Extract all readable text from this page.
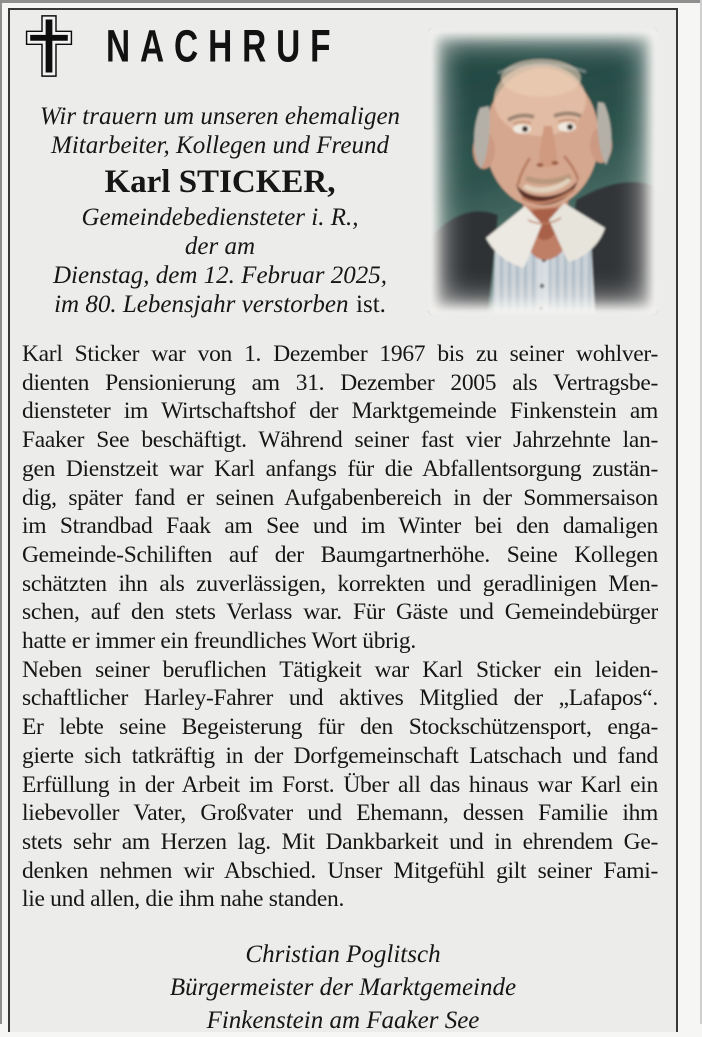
NACHRUF
Wir trauern um unseren ehemaligen
Mitarbeiter, Kollegen und Freund
Karl STICKER,
Gemeindebediensteter i. R.,
der am
Dienstag, dem 12. Februar 2025,
im 80. Lebensjahr verstorben ist.
Karl Sticker war von 1. Dezember 1967 bis zu seiner wohlver-
dienten Pensionierung am 31. Dezember 2005 als Vertragsbe-
diensteter im Wirtschaftshof der Marktgemeinde Finkenstein am
Faaker See beschäftigt. Während seiner fast vier Jahrzehnte lan-
gen Dienstzeit war Karl anfangs für die Abfallentsorgung zustän-
dig, später fand er seinen Aufgabenbereich in der Sommersaison
im Strandbad Faak am See und im Winter bei den damaligen
Gemeinde-Schiliften auf der Baumgartnerhöhe. Seine Kollegen
schätzten ihn als zuverlässigen, korrekten und geradlinigen Men-
schen, auf den stets Verlass war. Für Gäste und Gemeindebürger
hatte er immer ein freundliches Wort übrig.
Neben seiner beruflichen Tätigkeit war Karl Sticker ein leiden-
schaftlicher Harley-Fahrer und aktives Mitglied der „Lafapos“.
Er lebte seine Begeisterung für den Stockschützensport, enga-
gierte sich tatkräftig in der Dorfgemeinschaft Latschach und fand
Erfüllung in der Arbeit im Forst. Über all das hinaus war Karl ein
liebevoller Vater, Großvater und Ehemann, dessen Familie ihm
stets sehr am Herzen lag. Mit Dankbarkeit und in ehrendem Ge-
denken nehmen wir Abschied. Unser Mitgefühl gilt seiner Fami-
lie und allen, die ihm nahe standen.
Christian Poglitsch
Bürgermeister der Marktgemeinde
Finkenstein am Faaker See
